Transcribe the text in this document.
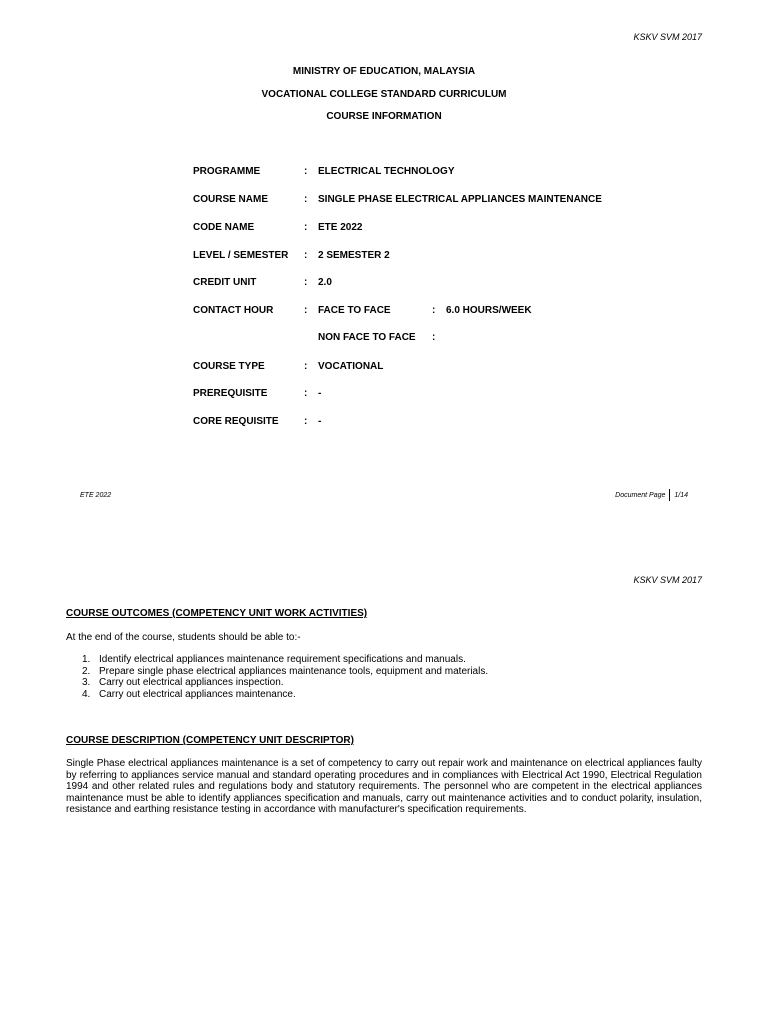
KSKV SVM 2017
MINISTRY OF EDUCATION, MALAYSIA
VOCATIONAL COLLEGE STANDARD CURRICULUM
COURSE INFORMATION
PROGRAMME	: ELECTRICAL TECHNOLOGY
COURSE NAME	: SINGLE PHASE ELECTRICAL APPLIANCES MAINTENANCE
CODE NAME	: ETE 2022
LEVEL / SEMESTER : 2 SEMESTER 2
CREDIT UNIT	: 2.0
CONTACT HOUR	: FACE TO FACE	: 6.0 HOURS/WEEK
NON FACE TO FACE :
COURSE TYPE	: VOCATIONAL
PREREQUISITE	: -
CORE REQUISITE	: -
ETE 2022	Document Page 1/14
KSKV SVM 2017
COURSE OUTCOMES (COMPETENCY UNIT WORK ACTIVITIES)
At the end of the course, students should be able to:-
1. Identify electrical appliances maintenance requirement specifications and manuals.
2. Prepare single phase electrical appliances maintenance tools, equipment and materials.
3. Carry out electrical appliances inspection.
4. Carry out electrical appliances maintenance.
COURSE DESCRIPTION (COMPETENCY UNIT DESCRIPTOR)
Single Phase electrical appliances maintenance is a set of competency to carry out repair work and maintenance on electrical appliances faulty by referring to appliances service manual and standard operating procedures and in compliances with Electrical Act 1990, Electrical Regulation 1994 and other related rules and regulations body and statutory requirements. The personnel who are competent in the electrical appliances maintenance must be able to identify appliances specification and manuals, carry out maintenance activities and to conduct polarity, insulation, resistance and earthing resistance testing in accordance with manufacturer's specification requirements.
